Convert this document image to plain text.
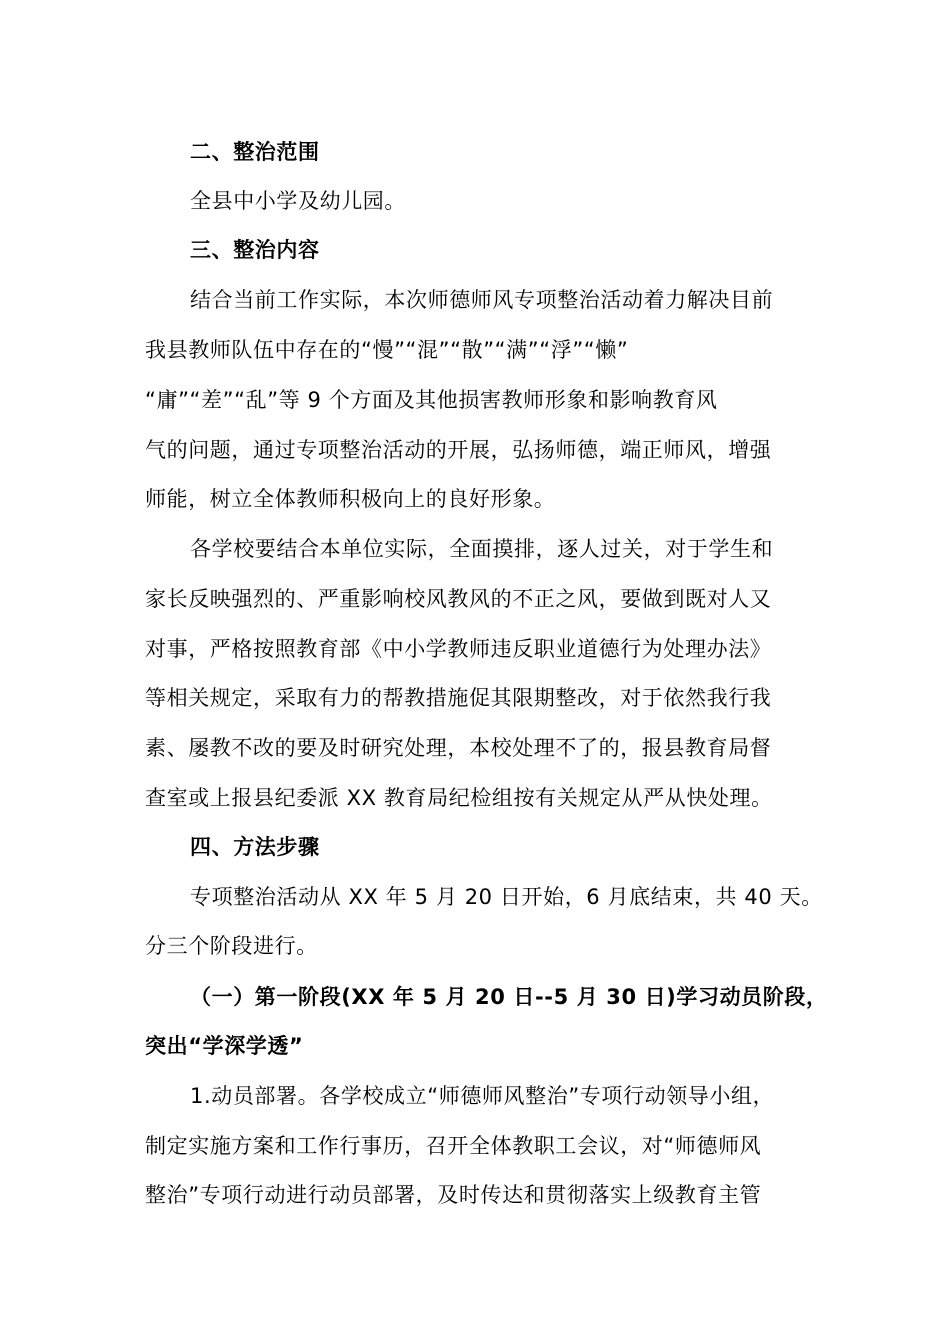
二、整治范围
全县中小学及幼儿园。
三、整治内容
结合当前工作实际，本次师德师风专项整治活动着力解决目前
我县教师队伍中存在的“慢”“混”“散”“满”“浮”“懒”
“庸”“差”“乱”等 9 个方面及其他损害教师形象和影响教育风
气的问题，通过专项整治活动的开展，弘扬师德，端正师风，增强
师能，树立全体教师积极向上的良好形象。
各学校要结合本单位实际，全面摸排，逐人过关，对于学生和
家长反映强烈的、严重影响校风教风的不正之风，要做到既对人又
对事，严格按照教育部《中小学教师违反职业道德行为处理办法》
等相关规定，采取有力的帮教措施促其限期整改，对于依然我行我
素、屡教不改的要及时研究处理，本校处理不了的，报县教育局督
查室或上报县纪委派 XX 教育局纪检组按有关规定从严从快处理。
四、方法步骤
专项整治活动从 XX 年 5 月 20 日开始，6 月底结束，共 40 天。
分三个阶段进行。
（一）第一阶段(XX 年 5 月 20 日--5 月 30 日)学习动员阶段，
突出“学深学透”
1.动员部署。各学校成立“师德师风整治”专项行动领导小组，
制定实施方案和工作行事历，召开全体教职工会议，对“师德师风
整治”专项行动进行动员部署，及时传达和贯彻落实上级教育主管
